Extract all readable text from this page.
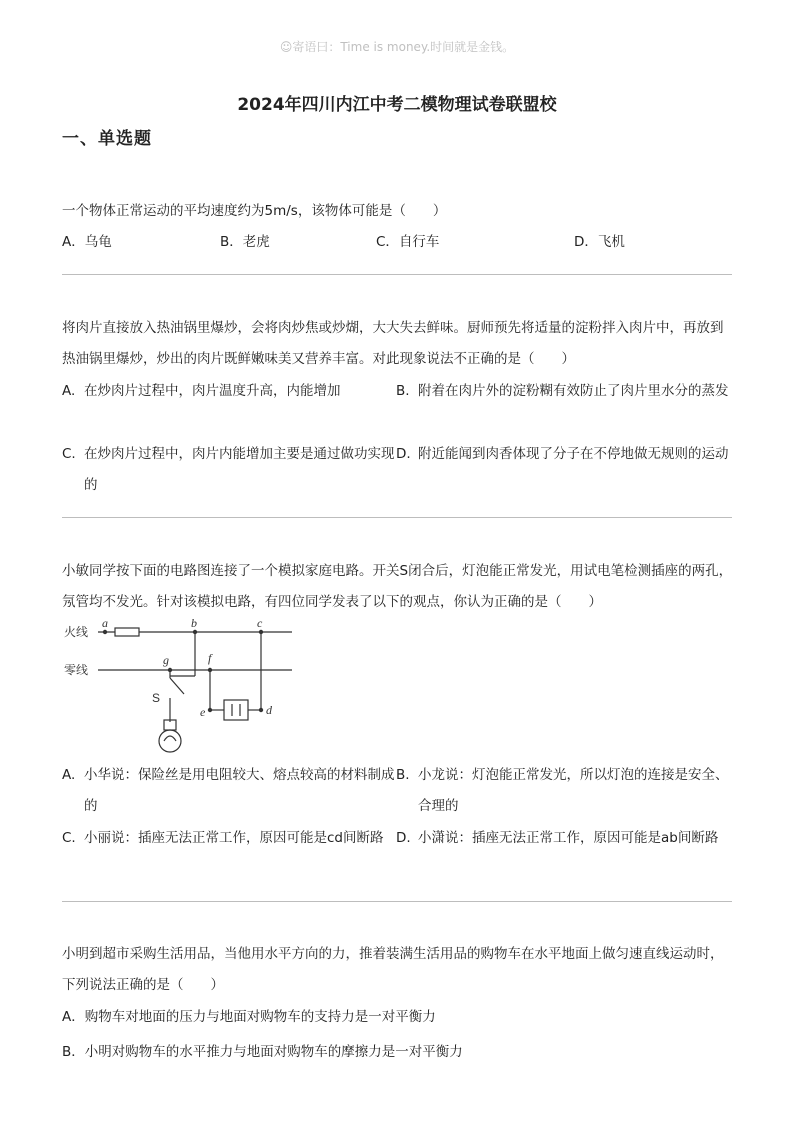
☺寄语曰：Time is money.时间就是金钱。
2024年四川内江中考二模物理试卷联盟校
一、单选题
一个物体正常运动的平均速度约为5m/s，该物体可能是（　　）
A．乌龟	B．老虎	C．自行车	D．飞机
将肉片直接放入热油锅里爆炒，会将肉炒焦或炒煳，大大失去鲜味。厨师预先将适量的淀粉拌入肉片中，再放到热油锅里爆炒，炒出的肉片既鲜嫩味美又营养丰富。对此现象说法不正确的是（　　）
A. 在炒肉片过程中，肉片温度升高，内能增加	B. 附着在肉片外的淀粉糊有效防止了肉片里水分的蒸发
C. 在炒肉片过程中，肉片内能增加主要是通过做功实现的
D. 附近能闻到肉香体现了分子在不停地做无规则的运动
小敏同学按下面的电路图连接了一个模拟家庭电路。开关S闭合后，灯泡能正常发光，用试电笔检测插座的两孔，氖管均不发光。针对该模拟电路，有四位同学发表了以下的观点，你认为正确的是（　　）
火线
零线
S
a	b	c
g	f
e	d
A. 小华说：保险丝是用电阻较大、熔点较高的材料制成的
B. 小龙说：灯泡能正常发光，所以灯泡的连接是安全、合理的
C. 小丽说：插座无法正常工作，原因可能是cd间断路 D. 小潇说：插座无法正常工作，原因可能是ab间断路
小明到超市采购生活用品，当他用水平方向的力，推着装满生活用品的购物车在水平地面上做匀速直线运动时，下列说法正确的是（　　）
A．购物车对地面的压力与地面对购物车的支持力是一对平衡力
B．小明对购物车的水平推力与地面对购物车的摩擦力是一对平衡力
